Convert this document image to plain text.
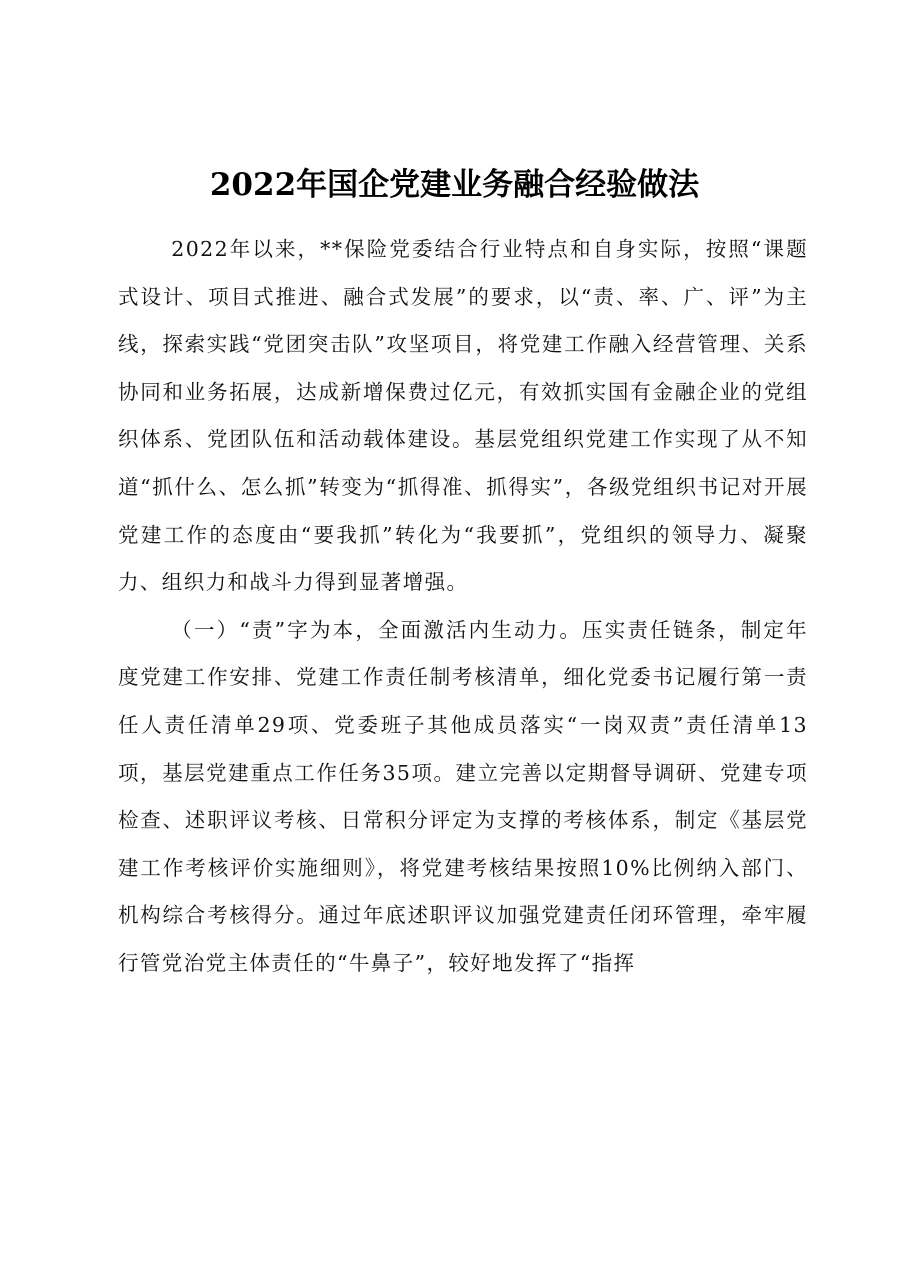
2022年国企党建业务融合经验做法

2022年以来，**保险党委结合行业特点和自身实际，按照“课题式设计、项目式推进、融合式发展”的要求，以“责、率、广、评”为主线，探索实践“党团突击队”攻坚项目，将党建工作融入经营管理、关系协同和业务拓展，达成新增保费过亿元，有效抓实国有金融企业的党组织体系、党团队伍和活动载体建设。基层党组织党建工作实现了从不知道“抓什么、怎么抓”转变为“抓得准、抓得实”，各级党组织书记对开展党建工作的态度由“要我抓”转化为“我要抓”，党组织的领导力、凝聚力、组织力和战斗力得到显著增强。

（一）“责”字为本，全面激活内生动力。压实责任链条，制定年度党建工作安排、党建工作责任制考核清单，细化党委书记履行第一责任人责任清单29项、党委班子其他成员落实“一岗双责”责任清单13项，基层党建重点工作任务35项。建立完善以定期督导调研、党建专项检查、述职评议考核、日常积分评定为支撑的考核体系，制定《基层党建工作考核评价实施细则》，将党建考核结果按照10%比例纳入部门、机构综合考核得分。通过年底述职评议加强党建责任闭环管理，牵牢履行管党治党主体责任的“牛鼻子”，较好地发挥了“指挥
